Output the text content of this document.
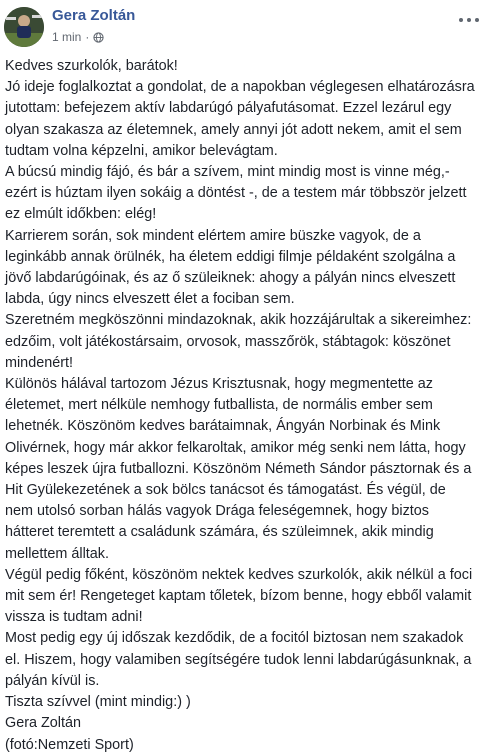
Gera Zoltán
1 min ·

Kedves szurkolók, barátok!

Jó ideje foglalkoztat a gondolat, de a napokban véglegesen elhatározásra

jutottam: befejezem aktív labdarúgó pályafutásomat. Ezzel lezárul egy

olyan szakasza az életemnek, amely annyi jót adott nekem, amit el sem

tudtam volna képzelni, amikor belevágtam.

A búcsú mindig fájó, és bár a szívem, mint mindig most is vinne még,-

ezért is húztam ilyen sokáig a döntést -, de a testem már többször jelzett

ez elmúlt időkben: elég!

Karrierem során, sok mindent elértem amire büszke vagyok, de a

leginkább annak örülnék, ha életem eddigi filmje példaként szolgálna a

jövő labdarúgóinak, és az ő szüleiknek: ahogy a pályán nincs elveszett

labda, úgy nincs elveszett élet a fociban sem.

Szeretném megköszönni mindazoknak, akik hozzájárultak a sikereimhez:

edzőim, volt játékostársaim, orvosok, masszőrök, stábtagok: köszönet

mindenért!

Különös hálával tartozom Jézus Krisztusnak, hogy megmentette az

életemet, mert nélküle nemhogy futballista, de normális ember sem

lehetnék. Köszönöm kedves barátaimnak, Ángyán Norbinak és Mink

Olivérnek, hogy már akkor felkaroltak, amikor még senki nem látta, hogy

képes leszek újra futballozni. Köszönöm Németh Sándor pásztornak és a

Hit Gyülekezetének a sok bölcs tanácsot és támogatást. És végül, de

nem utolsó sorban hálás vagyok Drága feleségemnek, hogy biztos

hátteret teremtett a családunk számára, és szüleimnek, akik mindig

mellettem álltak.

Végül pedig főként, köszönöm nektek kedves szurkolók, akik nélkül a foci

mit sem ér! Rengeteget kaptam tőletek, bízom benne, hogy ebből valamit

vissza is tudtam adni!

Most pedig egy új időszak kezdődik, de a focitól biztosan nem szakadok

el. Hiszem, hogy valamiben segítségére tudok lenni labdarúgásunknak, a

pályán kívül is.

Tiszta szívvel (mint mindig:) )

Gera Zoltán

(fotó:Nemzeti Sport)
